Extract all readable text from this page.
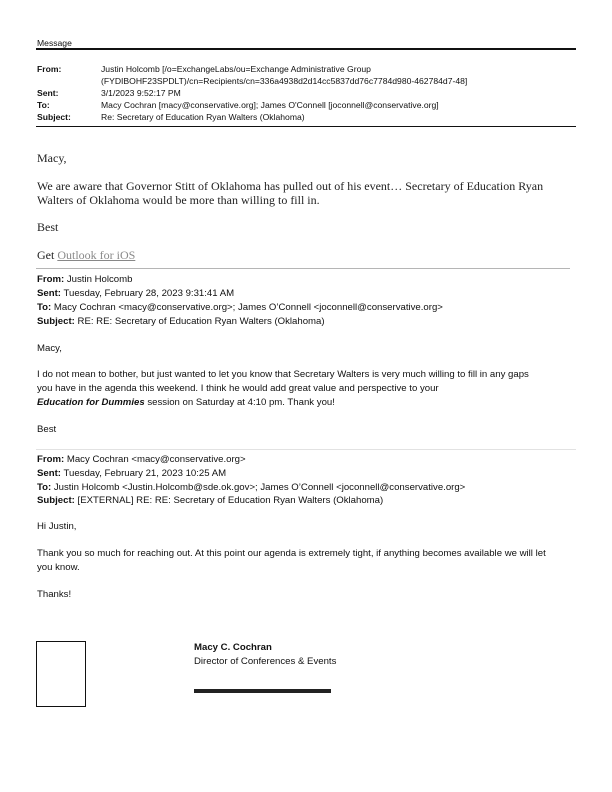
Message
From:	Justin Holcomb [/o=ExchangeLabs/ou=Exchange Administrative Group
(FYDIBOHF23SPDLT)/cn=Recipients/cn=336a4938d2d14cc5837dd76c7784d980-462784d7-48]
Sent:	3/1/2023 9:52:17 PM
To:	Macy Cochran [macy@conservative.org]; James O'Connell [joconnell@conservative.org]
Subject:	Re: Secretary of Education Ryan Walters (Oklahoma)
Macy,
We are aware that Governor Stitt of Oklahoma has pulled out of his event… Secretary of Education Ryan
Walters of Oklahoma would be more than willing to fill in.
Best
Get Outlook for iOS
From: Justin Holcomb
Sent: Tuesday, February 28, 2023 9:31:41 AM
To: Macy Cochran <macy@conservative.org>; James O’Connell <joconnell@conservative.org>
Subject: RE: RE: Secretary of Education Ryan Walters (Oklahoma)
Macy,
I do not mean to bother, but just wanted to let you know that Secretary Walters is very much willing to fill in any gaps
you have in the agenda this weekend. I think he would add great value and perspective to your
Education for Dummies session on Saturday at 4:10 pm. Thank you!
Best
From: Macy Cochran <macy@conservative.org>
Sent: Tuesday, February 21, 2023 10:25 AM
To: Justin Holcomb <Justin.Holcomb@sde.ok.gov>; James O’Connell <joconnell@conservative.org>
Subject: [EXTERNAL] RE: RE: Secretary of Education Ryan Walters (Oklahoma)
Hi Justin,
Thank you so much for reaching out. At this point our agenda is extremely tight, if anything becomes available we will let
you know.
Thanks!
Macy C. Cochran
Director of Conferences & Events
